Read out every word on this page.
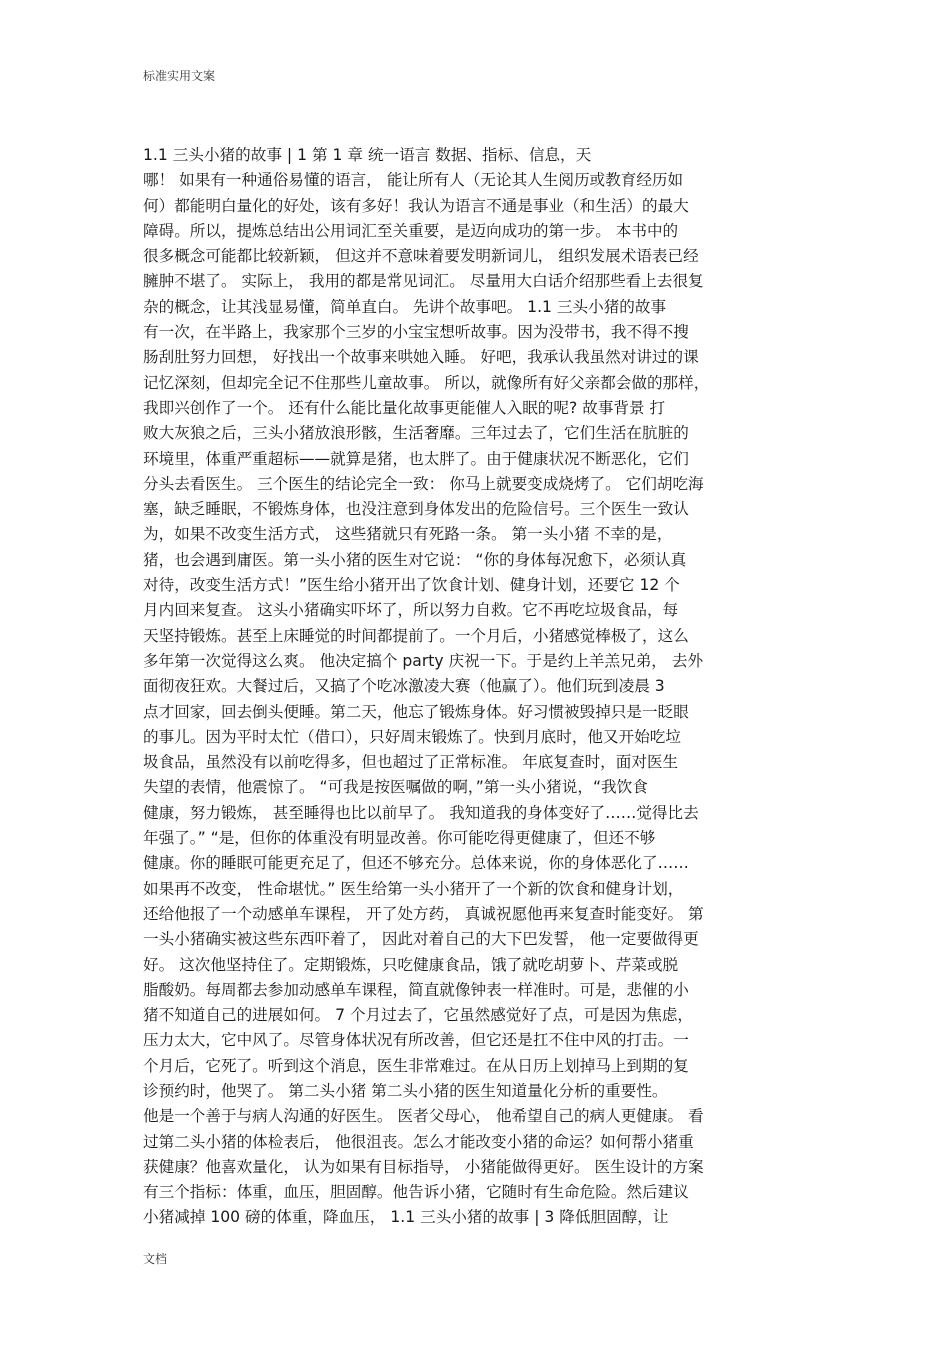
标准实用文案
1.1 三头小猪的故事 | 1 第 1 章 统一语言 数据、指标、信息，天
哪！ 如果有一种通俗易懂的语言， 能让所有人（无论其人生阅历或教育经历如
何）都能明白量化的好处，该有多好！我认为语言不通是事业（和生活）的最大
障碍。所以，提炼总结出公用词汇至关重要，是迈向成功的第一步。 本书中的
很多概念可能都比较新颖， 但这并不意味着要发明新词儿， 组织发展术语表已经
臃肿不堪了。 实际上， 我用的都是常见词汇。 尽量用大白话介绍那些看上去很复
杂的概念，让其浅显易懂，简单直白。 先讲个故事吧。 1.1 三头小猪的故事
有一次，在半路上，我家那个三岁的小宝宝想听故事。因为没带书，我不得不搜
肠刮肚努力回想， 好找出一个故事来哄她入睡。 好吧，我承认我虽然对讲过的课
记忆深刻，但却完全记不住那些儿童故事。 所以，就像所有好父亲都会做的那样，
我即兴创作了一个。 还有什么能比量化故事更能催人入眠的呢? 故事背景 打
败大灰狼之后，三头小猪放浪形骸，生活奢靡。三年过去了，它们生活在肮脏的
环境里，体重严重超标——就算是猪，也太胖了。由于健康状况不断恶化，它们
分头去看医生。 三个医生的结论完全一致： 你马上就要变成烧烤了。 它们胡吃海
塞，缺乏睡眠，不锻炼身体，也没注意到身体发出的危险信号。三个医生一致认
为，如果不改变生活方式， 这些猪就只有死路一条。 第一头小猪 不幸的是，
猪，也会遇到庸医。第一头小猪的医生对它说： “你的身体每况愈下，必须认真
对待，改变生活方式！”医生给小猪开出了饮食计划、健身计划，还要它 12 个
月内回来复查。 这头小猪确实吓坏了，所以努力自救。它不再吃垃圾食品，每
天坚持锻炼。甚至上床睡觉的时间都提前了。一个月后，小猪感觉棒极了，这么
多年第一次觉得这么爽。 他决定搞个 party 庆祝一下。于是约上羊羔兄弟， 去外
面彻夜狂欢。大餐过后，又搞了个吃冰激凌大赛（他赢了）。他们玩到凌晨 3
点才回家，回去倒头便睡。第二天，他忘了锻炼身体。好习惯被毁掉只是一眨眼
的事儿。因为平时太忙（借口），只好周末锻炼了。快到月底时，他又开始吃垃
圾食品，虽然没有以前吃得多，但也超过了正常标准。 年底复查时，面对医生
失望的表情，他震惊了。 “可我是按医嘱做的啊，”第一头小猪说，“我饮食
健康，努力锻炼， 甚至睡得也比以前早了。 我知道我的身体变好了……觉得比去
年强了。” “是，但你的体重没有明显改善。你可能吃得更健康了，但还不够
健康。你的睡眠可能更充足了，但还不够充分。总体来说，你的身体恶化了……
如果再不改变， 性命堪忧。” 医生给第一头小猪开了一个新的饮食和健身计划，
还给他报了一个动感单车课程， 开了处方药， 真诚祝愿他再来复查时能变好。 第
一头小猪确实被这些东西吓着了， 因此对着自己的大下巴发誓， 他一定要做得更
好。 这次他坚持住了。定期锻炼，只吃健康食品，饿了就吃胡萝卜、芹菜或脱
脂酸奶。每周都去参加动感单车课程，简直就像钟表一样准时。可是，悲催的小
猪不知道自己的进展如何。 7 个月过去了，它虽然感觉好了点，可是因为焦虑，
压力太大，它中风了。尽管身体状况有所改善，但它还是扛不住中风的打击。一
个月后，它死了。听到这个消息，医生非常难过。在从日历上划掉马上到期的复
诊预约时，他哭了。 第二头小猪 第二头小猪的医生知道量化分析的重要性。
他是一个善于与病人沟通的好医生。 医者父母心， 他希望自己的病人更健康。 看
过第二头小猪的体检表后， 他很沮丧。怎么才能改变小猪的命运？如何帮小猪重
获健康？他喜欢量化， 认为如果有目标指导， 小猪能做得更好。 医生设计的方案
有三个指标：体重，血压，胆固醇。他告诉小猪，它随时有生命危险。然后建议
小猪减掉 100 磅的体重，降血压， 1.1 三头小猪的故事 | 3 降低胆固醇，让
文档
